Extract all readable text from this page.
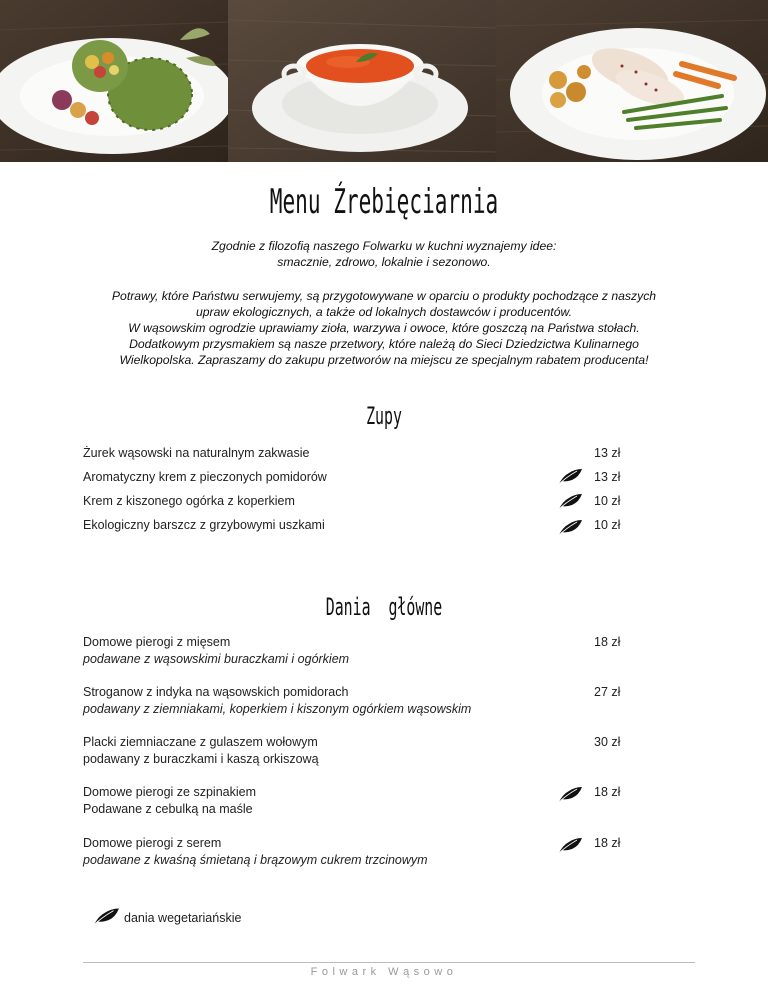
Menu Źrebięciarnia
Zgodnie z filozofią naszego Folwarku w kuchni wyznajemy idee:
smacznie, zdrowo, lokalnie i sezonowo.
Potrawy, które Państwu serwujemy, są przygotowywane w oparciu o produkty pochodzące z naszych
upraw ekologicznych, a także od lokalnych dostawców i producentów.
W wąsowskim ogrodzie uprawiamy zioła, warzywa i owoce, które goszczą na Państwa stołach.
Dodatkowym przysmakiem są nasze przetwory, które należą do Sieci Dziedzictwa Kulinarnego
Wielkopolska. Zapraszamy do zakupu przetworów na miejscu ze specjalnym rabatem producenta!
Zupy
Żurek wąsowski na naturalnym zakwasie	13 zł
Aromatyczny krem z pieczonych pomidorów	13 zł
Krem z kiszonego ogórka z koperkiem	10 zł
Ekologiczny barszcz z grzybowymi uszkami	10 zł
Dania  główne
Domowe pierogi z mięsem
podawane z wąsowskimi buraczkami i ogórkiem
18 zł
Stroganow z indyka na wąsowskich pomidorach
podawany z ziemniakami, koperkiem i kiszonym ogórkiem wąsowskim
27 zł
Placki ziemniaczane z gulaszem wołowym
podawany z buraczkami i kaszą orkiszową
30 zł
Domowe pierogi ze szpinakiem
Podawane z cebulką na maśle
18 zł
Domowe pierogi z serem
podawane z kwaśną śmietaną i brązowym cukrem trzcinowym
18 zł
dania wegetariańskie
Folwark Wąsowo
